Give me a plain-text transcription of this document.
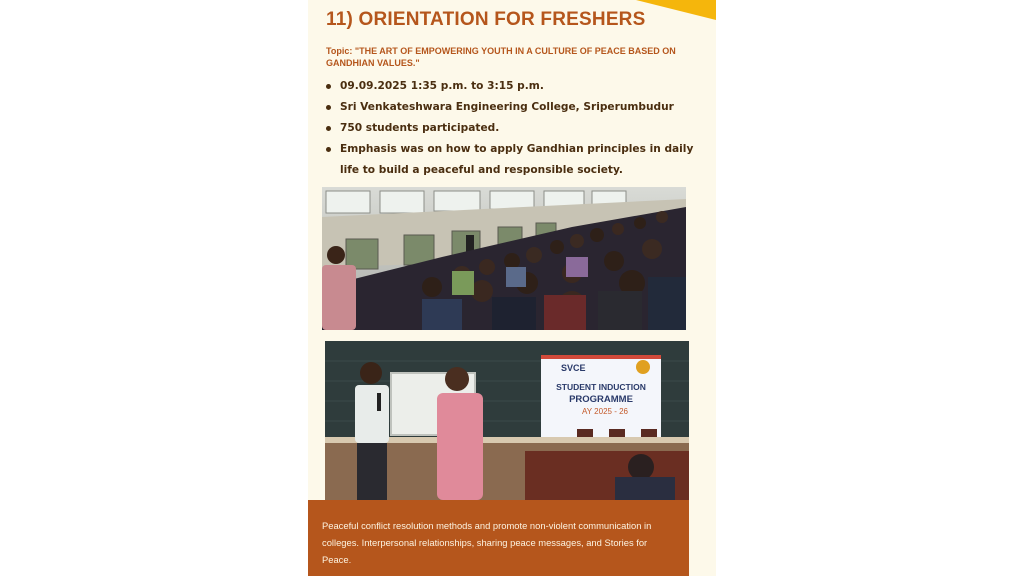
11) ORIENTATION FOR FRESHERS
Topic: "THE ART OF EMPOWERING YOUTH IN A CULTURE OF PEACE BASED ON GANDHIAN VALUES."
09.09.2025 1:35 p.m. to 3:15 p.m.
Sri Venkateshwara Engineering College, Sriperumbudur
750 students participated.
Emphasis was on how to apply Gandhian principles in daily life to build a peaceful and responsible society.
SVCE
STUDENT INDUCTION
PROGRAMME
AY 2025 - 26
Peaceful conflict resolution methods and promote non-violent communication in colleges. Interpersonal relationships, sharing peace messages, and Stories for Peace.
